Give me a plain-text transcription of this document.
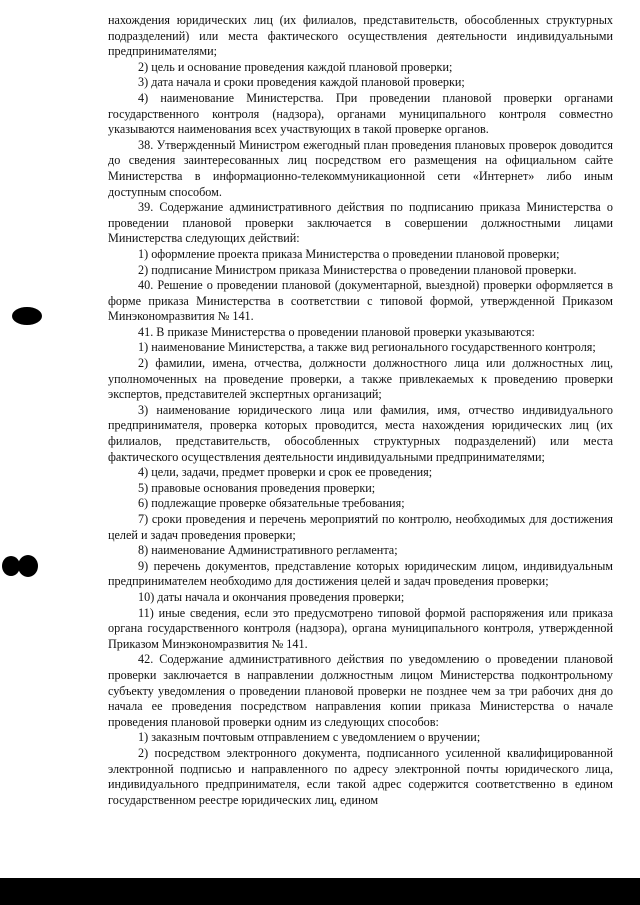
нахождения юридических лиц (их филиалов, представительств, обособленных структурных подразделений) или места фактического осуществления деятельности индивидуальными предпринимателями;

2) цель и основание проведения каждой плановой проверки;

3) дата начала и сроки проведения каждой плановой проверки;

4) наименование Министерства. При проведении плановой проверки органами государственного контроля (надзора), органами муниципального контроля совместно указываются наименования всех участвующих в такой проверке органов.

38. Утвержденный Министром ежегодный план проведения плановых проверок доводится до сведения заинтересованных лиц посредством его размещения на официальном сайте Министерства в информационно-телекоммуникационной сети «Интернет» либо иным доступным способом.

39. Содержание административного действия по подписанию приказа Министерства о проведении плановой проверки заключается в совершении должностными лицами Министерства следующих действий:

1) оформление проекта приказа Министерства о проведении плановой проверки;

2) подписание Министром приказа Министерства о проведении плановой проверки.

40. Решение о проведении плановой (документарной, выездной) проверки оформляется в форме приказа Министерства в соответствии с типовой формой, утвержденной Приказом Минэкономразвития № 141.

41. В приказе Министерства о проведении плановой проверки указываются:

1) наименование Министерства, а также вид регионального государственного контроля;

2) фамилии, имена, отчества, должности должностного лица или должностных лиц, уполномоченных на проведение проверки, а также привлекаемых к проведению проверки экспертов, представителей экспертных организаций;

3) наименование юридического лица или фамилия, имя, отчество индивидуального предпринимателя, проверка которых проводится, места нахождения юридических лиц (их филиалов, представительств, обособленных структурных подразделений) или места фактического осуществления деятельности индивидуальными предпринимателями;

4) цели, задачи, предмет проверки и срок ее проведения;

5) правовые основания проведения проверки;

6) подлежащие проверке обязательные требования;

7) сроки проведения и перечень мероприятий по контролю, необходимых для достижения целей и задач проведения проверки;

8) наименование Административного регламента;

9) перечень документов, представление которых юридическим лицом, индивидуальным предпринимателем необходимо для достижения целей и задач проведения проверки;

10) даты начала и окончания проведения проверки;

11) иные сведения, если это предусмотрено типовой формой распоряжения или приказа органа государственного контроля (надзора), органа муниципального контроля, утвержденной Приказом Минэкономразвития № 141.

42. Содержание административного действия по уведомлению о проведении плановой проверки заключается в направлении должностным лицом Министерства подконтрольному субъекту уведомления о проведении плановой проверки не позднее чем за три рабочих дня до начала ее проведения посредством направления копии приказа Министерства о начале проведения плановой проверки одним из следующих способов:

1) заказным почтовым отправлением с уведомлением о вручении;

2) посредством электронного документа, подписанного усиленной квалифицированной электронной подписью и направленного по адресу электронной почты юридического лица, индивидуального предпринимателя, если такой адрес содержится соответственно в едином государственном реестре юридических лиц, едином
